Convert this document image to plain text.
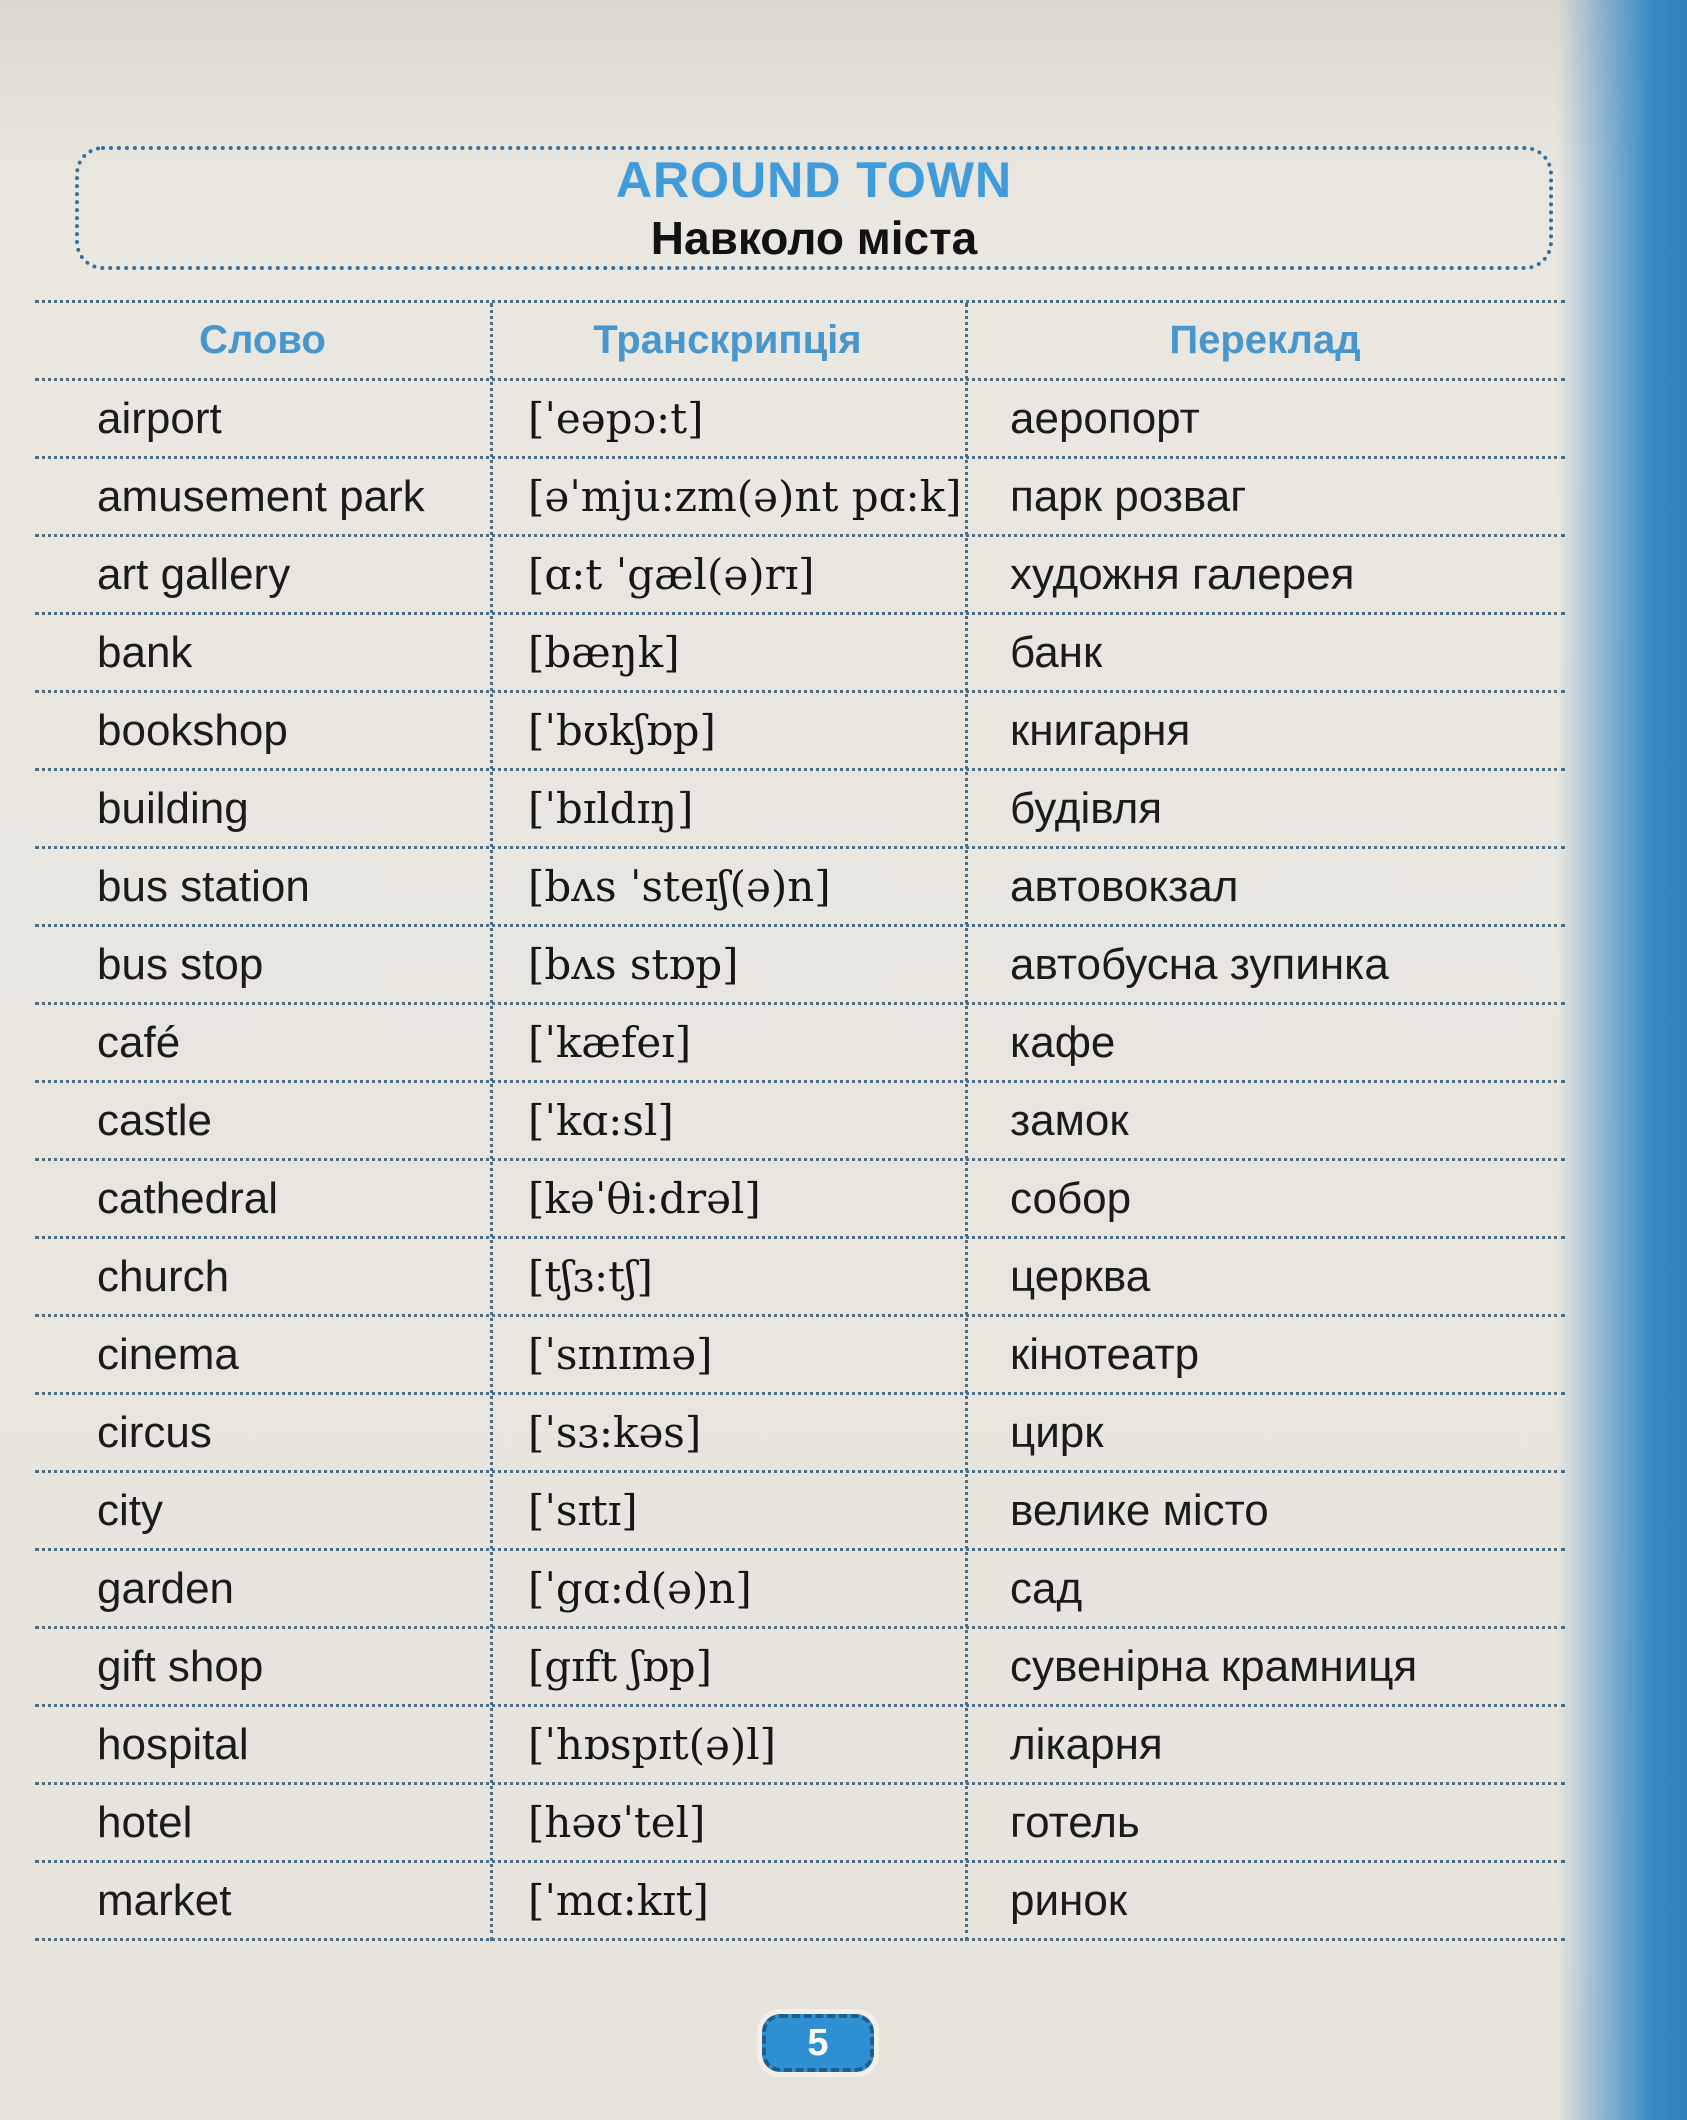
AROUND TOWN
Навколо міста
Слово	Транскрипція	Переклад
airport	[ˈeəpɔ:t]	аеропорт
amusement park	[əˈmju:zm(ə)nt pɑ:k]	парк розваг
art gallery	[ɑ:t ˈgæl(ə)rɪ]	художня галерея
bank	[bæŋk]	банк
bookshop	[ˈbʊkʃɒp]	книгарня
building	[ˈbɪldɪŋ]	будівля
bus station	[bʌs ˈsteɪʃ(ə)n]	автовокзал
bus stop	[bʌs stɒp]	автобусна зупинка
café	[ˈkæfeɪ]	кафе
castle	[ˈkɑ:sl]	замок
cathedral	[kəˈθi:drəl]	собор
church	[tʃɜ:tʃ]	церква
cinema	[ˈsɪnɪmə]	кінотеатр
circus	[ˈsɜ:kəs]	цирк
city	[ˈsɪtɪ]	велике місто
garden	[ˈgɑ:d(ə)n]	сад
gift shop	[gɪft ʃɒp]	сувенірна крамниця
hospital	[ˈhɒspɪt(ə)l]	лікарня
hotel	[həʊˈtel]	готель
market	[ˈmɑ:kɪt]	ринок
5
